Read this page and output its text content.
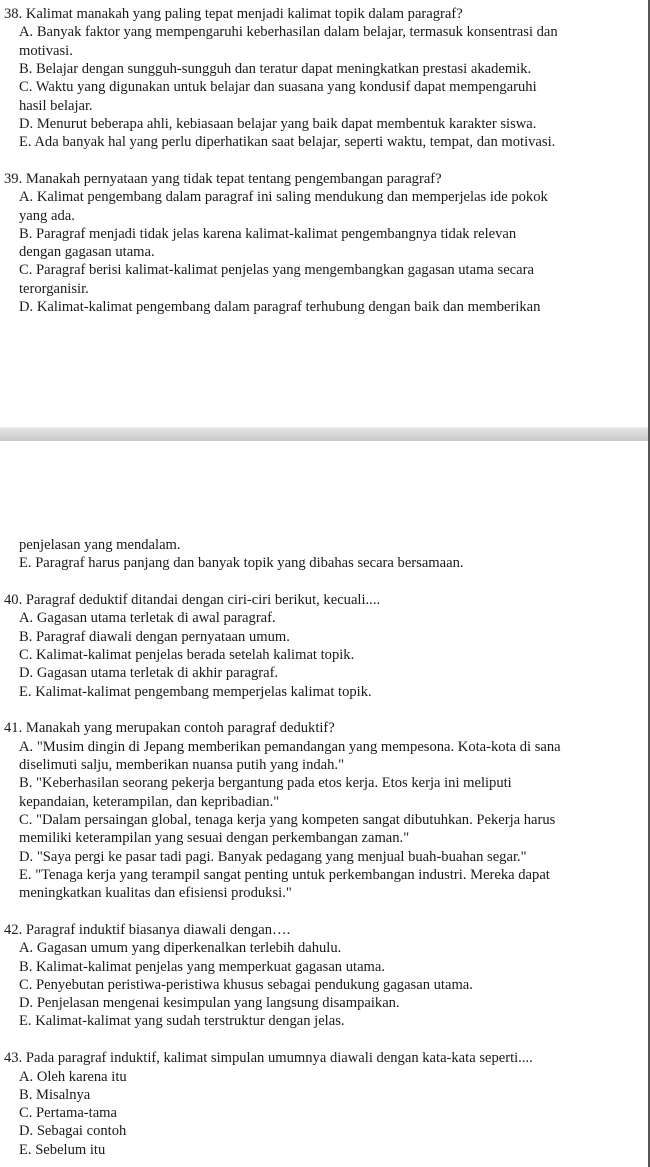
38. Kalimat manakah yang paling tepat menjadi kalimat topik dalam paragraf?
A. Banyak faktor yang mempengaruhi keberhasilan dalam belajar, termasuk konsentrasi dan
motivasi.
B. Belajar dengan sungguh-sungguh dan teratur dapat meningkatkan prestasi akademik.
C. Waktu yang digunakan untuk belajar dan suasana yang kondusif dapat mempengaruhi
hasil belajar.
D. Menurut beberapa ahli, kebiasaan belajar yang baik dapat membentuk karakter siswa.
E. Ada banyak hal yang perlu diperhatikan saat belajar, seperti waktu, tempat, dan motivasi.
39. Manakah pernyataan yang tidak tepat tentang pengembangan paragraf?
A. Kalimat pengembang dalam paragraf ini saling mendukung dan memperjelas ide pokok
yang ada.
B. Paragraf menjadi tidak jelas karena kalimat-kalimat pengembangnya tidak relevan
dengan gagasan utama.
C. Paragraf berisi kalimat-kalimat penjelas yang mengembangkan gagasan utama secara
terorganisir.
D. Kalimat-kalimat pengembang dalam paragraf terhubung dengan baik dan memberikan
penjelasan yang mendalam.
E. Paragraf harus panjang dan banyak topik yang dibahas secara bersamaan.
40. Paragraf deduktif ditandai dengan ciri-ciri berikut, kecuali....
A. Gagasan utama terletak di awal paragraf.
B. Paragraf diawali dengan pernyataan umum.
C. Kalimat-kalimat penjelas berada setelah kalimat topik.
D. Gagasan utama terletak di akhir paragraf.
E. Kalimat-kalimat pengembang memperjelas kalimat topik.
41. Manakah yang merupakan contoh paragraf deduktif?
A. "Musim dingin di Jepang memberikan pemandangan yang mempesona. Kota-kota di sana
diselimuti salju, memberikan nuansa putih yang indah."
B. "Keberhasilan seorang pekerja bergantung pada etos kerja. Etos kerja ini meliputi
kepandaian, keterampilan, dan kepribadian."
C. "Dalam persaingan global, tenaga kerja yang kompeten sangat dibutuhkan. Pekerja harus
memiliki keterampilan yang sesuai dengan perkembangan zaman."
D. "Saya pergi ke pasar tadi pagi. Banyak pedagang yang menjual buah-buahan segar."
E. "Tenaga kerja yang terampil sangat penting untuk perkembangan industri. Mereka dapat
meningkatkan kualitas dan efisiensi produksi."
42. Paragraf induktif biasanya diawali dengan….
A. Gagasan umum yang diperkenalkan terlebih dahulu.
B. Kalimat-kalimat penjelas yang memperkuat gagasan utama.
C. Penyebutan peristiwa-peristiwa khusus sebagai pendukung gagasan utama.
D. Penjelasan mengenai kesimpulan yang langsung disampaikan.
E. Kalimat-kalimat yang sudah terstruktur dengan jelas.
43. Pada paragraf induktif, kalimat simpulan umumnya diawali dengan kata-kata seperti....
A. Oleh karena itu
B. Misalnya
C. Pertama-tama
D. Sebagai contoh
E. Sebelum itu
